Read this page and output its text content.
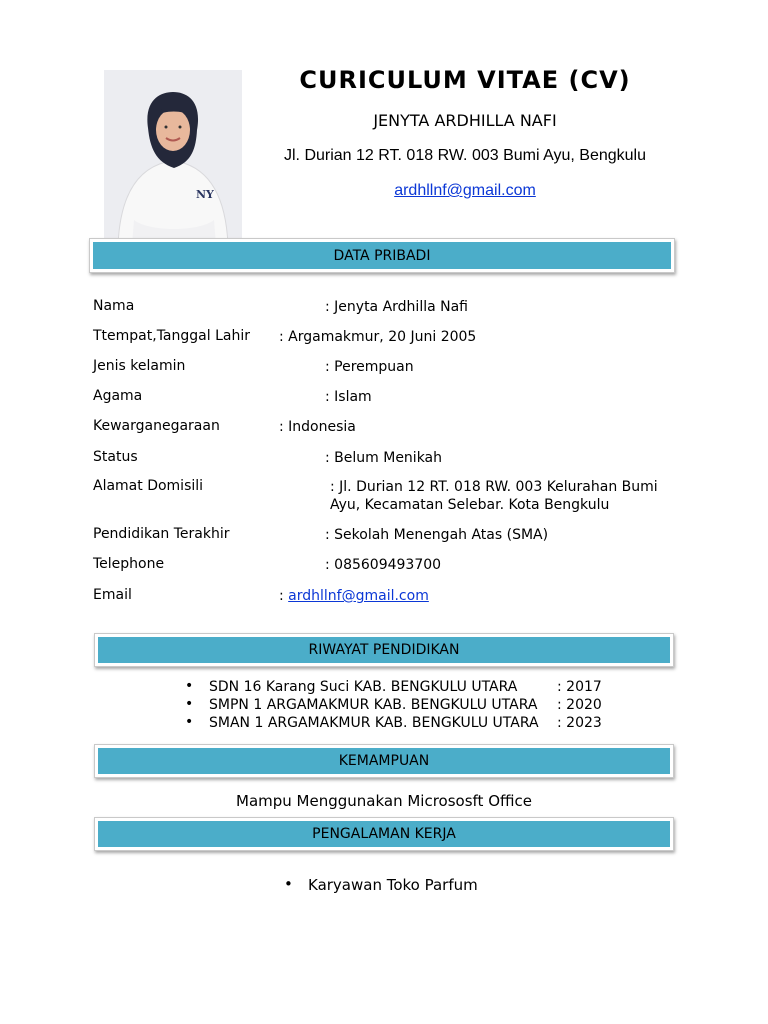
NY
CURICULUM VITAE (CV)
JENYTA ARDHILLA NAFI
Jl. Durian 12 RT. 018 RW. 003 Bumi Ayu, Bengkulu
ardhllnf@gmail.com
DATA PRIBADI
Nama	: Jenyta Ardhilla Nafi
Ttempat,Tanggal Lahir : Argamakmur, 20 Juni 2005
Jenis kelamin	: Perempuan
Agama	: Islam
Kewarganegaraan	: Indonesia
Status	: Belum Menikah
Alamat Domisili	: Jl. Durian 12 RT. 018 RW. 003 Kelurahan Bumi
Ayu, Kecamatan Selebar. Kota Bengkulu
Pendidikan Terakhir	: Sekolah Menengah Atas (SMA)
Telephone	: 085609493700
Email	: ardhllnf@gmail.com
RIWAYAT PENDIDIKAN
• SDN 16 Karang Suci KAB. BENGKULU UTARA	: 2017
• SMPN 1 ARGAMAKMUR KAB. BENGKULU UTARA : 2020
• SMAN 1 ARGAMAKMUR KAB. BENGKULU UTARA : 2023
KEMAMPUAN
Mampu Menggunakan Micrososft Office
PENGALAMAN KERJA
• Karyawan Toko Parfum
